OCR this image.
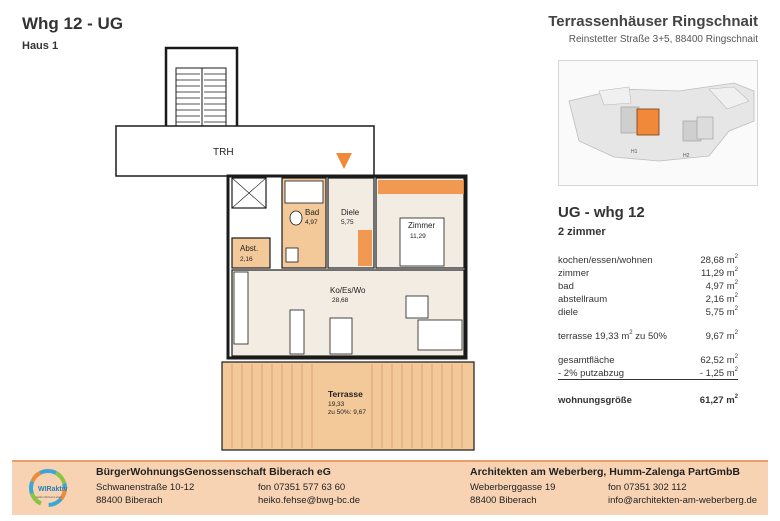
Whg 12 - UG
Haus 1
Terrassenhäuser Ringschnait
Reinstetter Straße 3+5, 88400 Ringschnait
H1
H2
UG - whg 12
2 zimmer
kochen/essen/wohnen	28,68 $m^2$
zimmer	11,29 $m^2$
bad	4,97 $m^2$
abstellraum	2,16 $m^2$
diele	5,75 $m^2$
terrasse 19,33 $m^2$ zu 50%	9,67 $m^2$
gesamtfläche	62,52 $m^2$
- 2% putzabzug	- 1,25 $m^2$
wohnungsgröße	61,27 $m^2$
TRH
Bad
4,97
Abst.
2,16
Diele
5,75	Zimmer
11,29
Ko/Es/Wo
28,68
Terrasse
19,33
zu 50%: 9,67
WIRaktiv
Helfen.Wohnen.Leben.
BürgerWohnungsGenossenschaft Biberach eG
Schwanenstraße 10-12
88400 Biberach
fon 07351 577 63 60
heiko.fehse@bwg-bc.de
Architekten am Weberberg, Humm-Zalenga PartGmbB
Weberberggasse 19
88400 Biberach
fon 07351 302 112
info@architekten-am-weberberg.de
